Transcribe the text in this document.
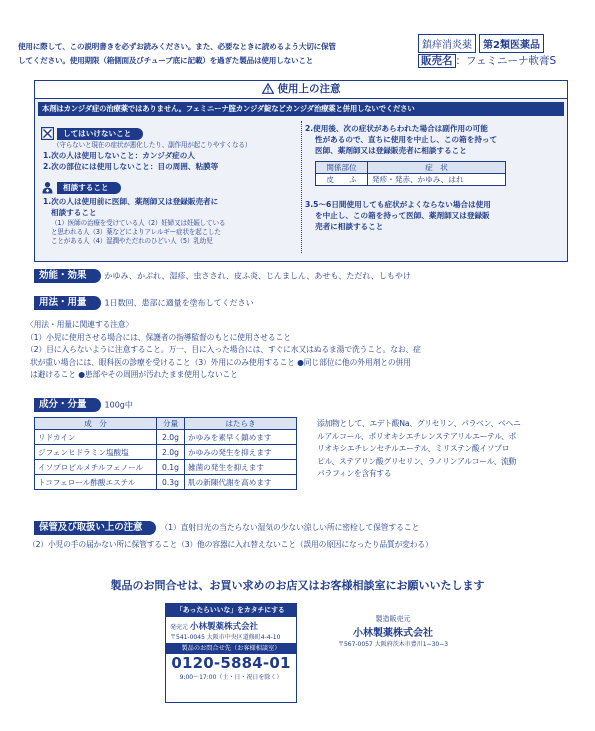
使用に際して、この説明書きを必ずお読みください。また、必要なときに読めるよう大切に保管
してください。使用期限（箱側面及びチューブ底に記載）を過ぎた製品は使用しないこと
鎮痒消炎薬	第2類医薬品
販売名 ：フェミニーナ軟膏S
使用上の注意
本剤はカンジダ症の治療薬ではありません。フェミニーナ腟カンジダ錠などカンジダ治療薬と併用しないでください
してはいけないこと
（守らないと現在の症状が悪化したり、副作用が起こりやすくなる）
1.次の人は使用しないこと：カンジダ症の人
2.次の部位には使用しないこと：目の周囲、粘膜等
相談すること
1.次の人は使用前に医師、薬剤師又は登録販売者に
相談すること
（1）医師の治療を受けている人（2）妊婦又は妊娠している
と思われる人（3）薬などによりアレルギー症状を起こした
ことがある人（4）湿潤やただれのひどい人（5）乳幼児
2.使用後、次の症状があらわれた場合は副作用の可能
性があるので、直ちに使用を中止し、この箱を持って
医師、薬剤師又は登録販売者に相談すること
関係部位	症　状
皮　　ふ	発疹・発赤、かゆみ、はれ
3.5〜6日間使用しても症状がよくならない場合は使用
を中止し、この箱を持って医師、薬剤師又は登録販
売者に相談すること
効能・効果 かゆみ、かぶれ、湿疹、虫さされ、皮ふ炎、じんましん、あせも、ただれ、しもやけ
用法・用量 1日数回、患部に適量を塗布してください
〈用法・用量に関連する注意〉
（1）小児に使用させる場合には、保護者の指導監督のもとに使用させること
（2）目に入らないように注意すること。万一、目に入った場合には、すぐに水又はぬるま湯で洗うこと。なお、症
状が重い場合には、眼科医の診療を受けること（3）外用にのみ使用すること ●同じ部位に他の外用剤との併用
は避けること ●患部やその周囲が汚れたまま使用しないこと
成分・分量 100g中
成　分	分量	はたらき
リドカイン	2.0g	かゆみを素早く鎮めます
ジフェンヒドラミン塩酸塩	2.0g	かゆみの発生を抑えます
イソプロピルメチルフェノール	0.1g	雑菌の発生を抑えます
トコフェロール酢酸エステル	0.3g	肌の新陳代謝を高めます
添加物として、エデト酸Na、グリセリン、パラベン、ベヘニ
ルアルコール、ポリオキシエチレンステアリルエーテル、ポ
リオキシエチレンセチルエーテル、ミリステン酸イソプロ
ピル、ステアリン酸グリセリン、ラノリンアルコール、流動
パラフィンを含有する
保管及び取扱い上の注意 （1）直射日光の当たらない湿気の少ない涼しい所に密栓して保管すること
（2）小児の手の届かない所に保管すること（3）他の容器に入れ替えないこと（誤用の原因になったり品質が変わる）
製品のお問合せは、お買い求めのお店又はお客様相談室にお願いいたします
「あったらいいな」をカタチにする
発売元 小林製薬株式会社
〒541-0045 大阪市中央区道修町4-4-10
製品のお問合せ先（お客様相談室）
0120-5884-01
9:00〜17:00（土・日・祝日を除く）
製造販売元
小林製薬株式会社
〒567-0057 大阪府茨木市豊川1−30−3
